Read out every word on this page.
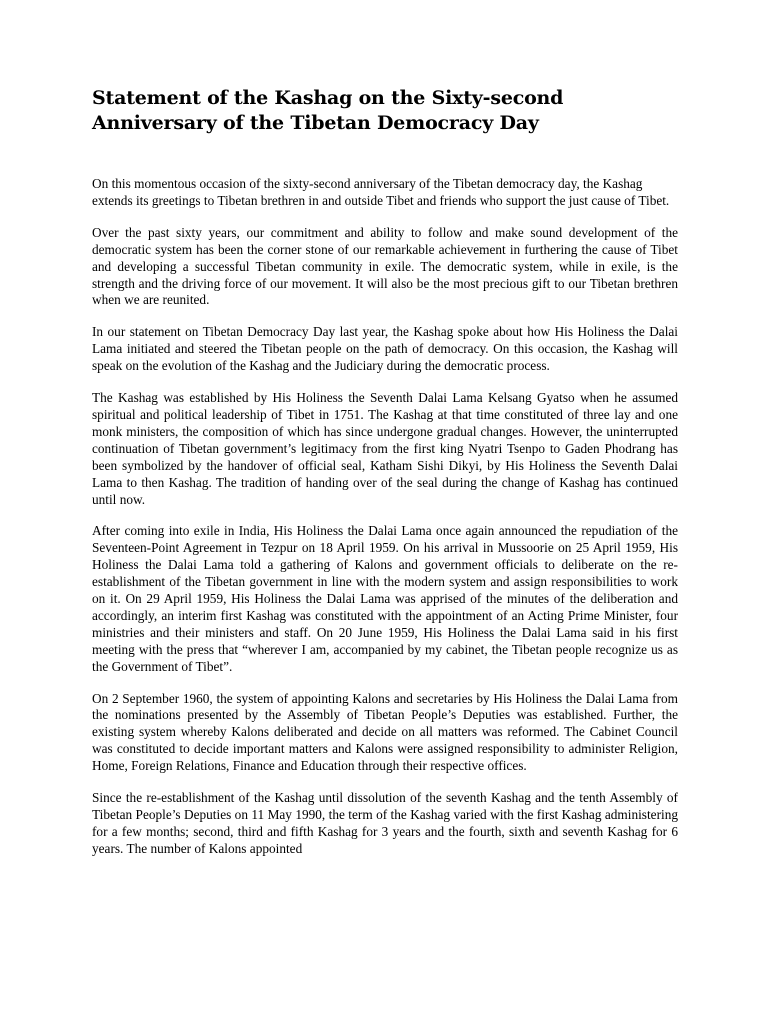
Statement of the Kashag on the Sixty-second
Anniversary of the Tibetan Democracy Day

On this momentous occasion of the sixty-second anniversary of the Tibetan democracy day, the Kashag extends its greetings to Tibetan brethren in and outside Tibet and friends who support the just cause of Tibet.

Over the past sixty years, our commitment and ability to follow and make sound development of the democratic system has been the corner stone of our remarkable achievement in furthering the cause of Tibet and developing a successful Tibetan community in exile. The democratic system, while in exile, is the strength and the driving force of our movement. It will also be the most precious gift to our Tibetan brethren when we are reunited.

In our statement on Tibetan Democracy Day last year, the Kashag spoke about how His Holiness the Dalai Lama initiated and steered the Tibetan people on the path of democracy. On this occasion, the Kashag will speak on the evolution of the Kashag and the Judiciary during the democratic process.

The Kashag was established by His Holiness the Seventh Dalai Lama Kelsang Gyatso when he assumed spiritual and political leadership of Tibet in 1751. The Kashag at that time constituted of three lay and one monk ministers, the composition of which has since undergone gradual changes. However, the uninterrupted continuation of Tibetan government’s legitimacy from the first king Nyatri Tsenpo to Gaden Phodrang has been symbolized by the handover of official seal, Katham Sishi Dikyi, by His Holiness the Seventh Dalai Lama to then Kashag. The tradition of handing over of the seal during the change of Kashag has continued until now.

After coming into exile in India, His Holiness the Dalai Lama once again announced the repudiation of the Seventeen-Point Agreement in Tezpur on 18 April 1959. On his arrival in Mussoorie on 25 April 1959, His Holiness the Dalai Lama told a gathering of Kalons and government officials to deliberate on the re-establishment of the Tibetan government in line with the modern system and assign responsibilities to work on it. On 29 April 1959, His Holiness the Dalai Lama was apprised of the minutes of the deliberation and accordingly, an interim first Kashag was constituted with the appointment of an Acting Prime Minister, four ministries and their ministers and staff. On 20 June 1959, His Holiness the Dalai Lama said in his first meeting with the press that “wherever I am, accompanied by my cabinet, the Tibetan people recognize us as the Government of Tibet”.

On 2 September 1960, the system of appointing Kalons and secretaries by His Holiness the Dalai Lama from the nominations presented by the Assembly of Tibetan People’s Deputies was established. Further, the existing system whereby Kalons deliberated and decide on all matters was reformed. The Cabinet Council was constituted to decide important matters and Kalons were assigned responsibility to administer Religion, Home, Foreign Relations, Finance and Education through their respective offices.

Since the re-establishment of the Kashag until dissolution of the seventh Kashag and the tenth Assembly of Tibetan People’s Deputies on 11 May 1990, the term of the Kashag varied with the first Kashag administering for a few months; second, third and fifth Kashag for 3 years and the fourth, sixth and seventh Kashag for 6 years. The number of Kalons appointed
